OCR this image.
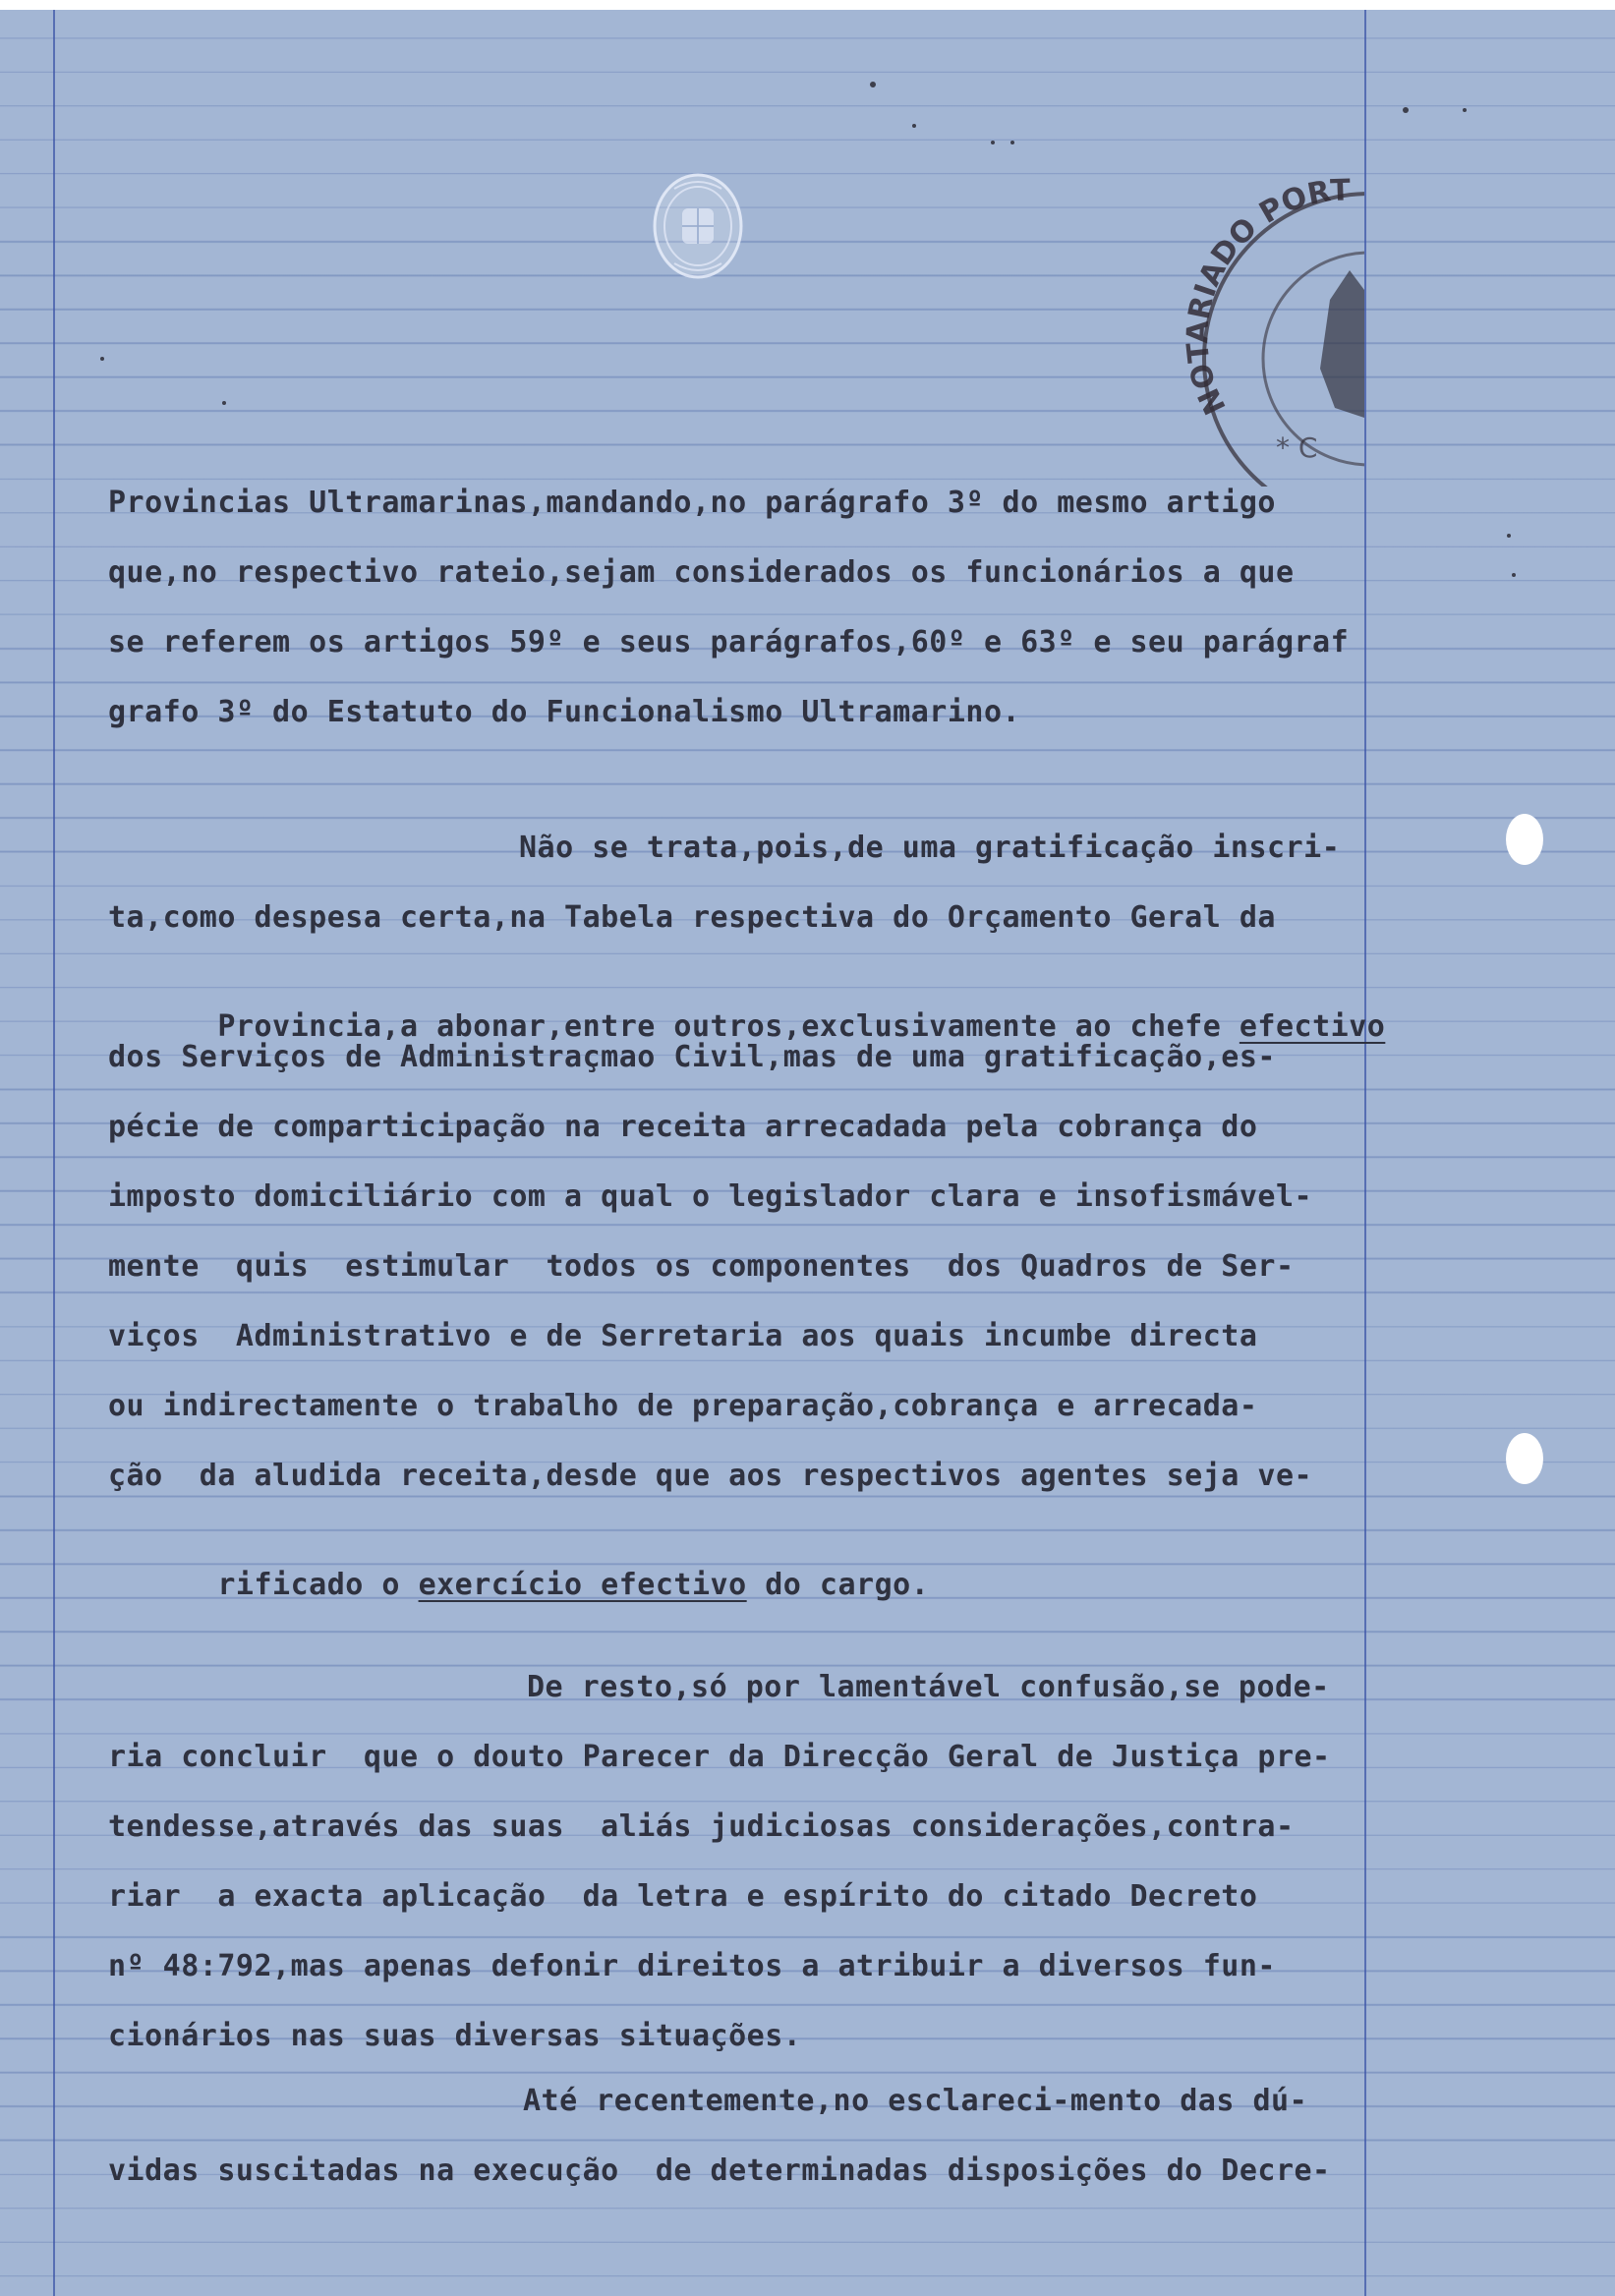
NOTARIADO PORT
* C

Provincias Ultramarinas,mandando,no parágrafo 3º do mesmo artigo

que,no respectivo rateio,sejam considerados os funcionários a que

se referem os artigos 59º e seus parágrafos,60º e 63º e seu parágraf

grafo 3º do Estatuto do Funcionalismo Ultramarino.

Não se trata,pois,de uma gratificação inscri-

ta,como despesa certa,na Tabela respectiva do Orçamento Geral da

Provincia,a abonar,entre outros,exclusivamente ao chefe efectivo

dos Serviços de Administraçmao Civil,mas de uma gratificação,es-

pécie de comparticipação na receita arrecadada pela cobrança do

imposto domiciliário com a qual o legislador clara e insofismável-

mente  quis  estimular  todos os componentes  dos Quadros de Ser-

viços  Administrativo e de Serretaria aos quais incumbe directa

ou indirectamente o trabalho de preparação,cobrança e arrecada-

ção  da aludida receita,desde que aos respectivos agentes seja ve-

rificado o exercício efectivo do cargo.

De resto,só por lamentável confusão,se pode-

ria concluir  que o douto Parecer da Direcção Geral de Justiça pre-

tendesse,através das suas  aliás judiciosas considerações,contra-

riar  a exacta aplicação  da letra e espírito do citado Decreto

nº 48:792,mas apenas defonir direitos a atribuir a diversos fun-

cionários nas suas diversas situações.

Até recentemente,no esclareci-mento das dú-

vidas suscitadas na execução  de determinadas disposições do Decre-
